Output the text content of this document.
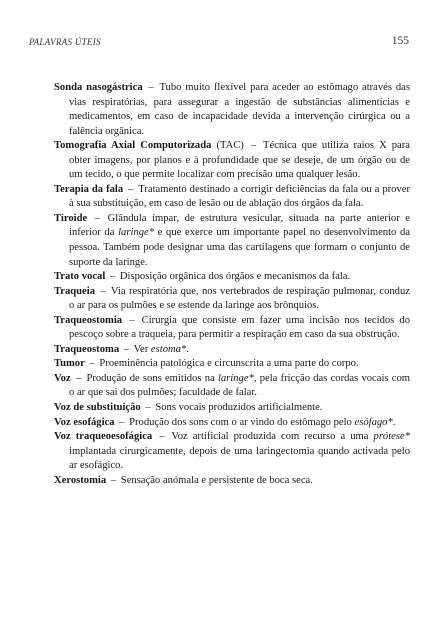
PALAVRAS ÚTEIS	155

Sonda nasogástrica – Tubo muito flexível para aceder ao estômago através das vias respiratórias, para assegurar a ingestão de substâncias alimentícias e medicamentos, em caso de incapacidade devida a intervenção cirúrgica ou a falência orgânica.

Tomografia Axial Computorizada (TAC) – Técnica que utiliza raios X para obter imagens, por planos e à profundidade que se deseje, de um órgão ou de um tecido, o que permite localizar com precisão uma qualquer lesão.

Terapia da fala – Tratamento destinado a corrigir deficiências da fala ou a prover à sua substituição, em caso de lesão ou de ablação dos órgãos da fala.

Tiroide – Glândula ímpar, de estrutura vesicular, situada na parte anterior e inferior da laringe* e que exerce um importante papel no desenvolvimento da pessoa. Também pode designar uma das cartilagens que formam o conjunto de suporte da laringe.

Trato vocal – Disposição orgânica dos órgãos e mecanismos da fala.

Traqueia – Via respiratória que, nos vertebrados de respiração pulmonar, conduz o ar para os pulmões e se estende da laringe aos brônquios.

Traqueostomia – Cirurgia que consiste em fazer uma incisão nos tecidos do pescoço sobre a traqueia, para permitir a respiração em caso da sua obstrução.

Traqueostoma – Ver estoma*.

Tumor – Proeminência patológica e circunscrita a uma parte do corpo.

Voz – Produção de sons emitidos na laringe*, pela fricção das cordas vocais com o ar que sai dos pulmões; faculdade de falar.

Voz de substituição – Sons vocais produzidos artificialmente.

Voz esofágica – Produção dos sons com o ar vindo do estômago pelo esófago*.

Voz traqueoesofágica – Voz artificial produzida com recurso a uma prótese* implantada cirurgicamente, depois de uma laringectomia quando activada pelo ar esofágico.

Xerostomia – Sensação anómala e persistente de boca seca.
